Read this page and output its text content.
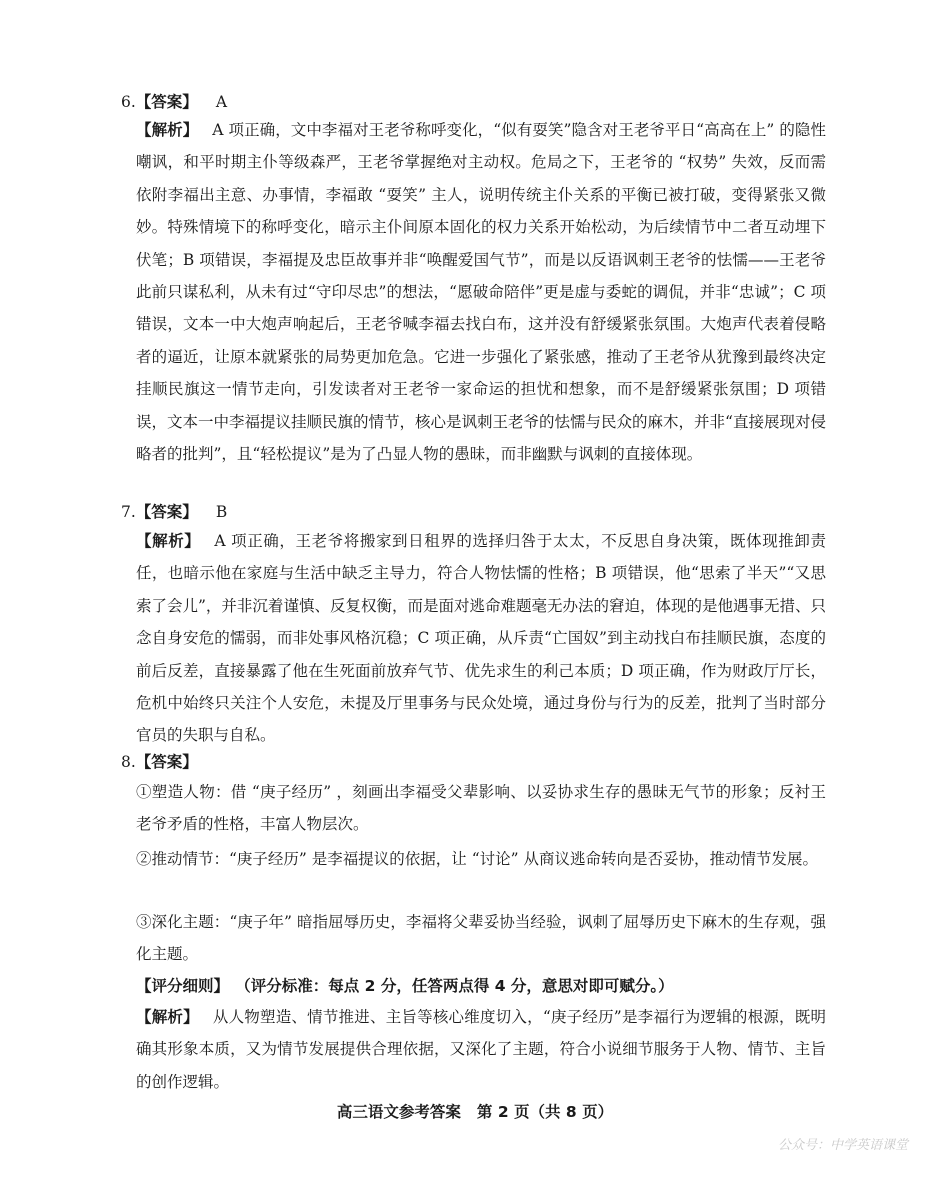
6.【答案】 A
【解析】 A 项正确，文中李福对王老爷称呼变化，“似有耍笑”隐含对王老爷平日“高高在上” 的隐性嘲讽，和平时期主仆等级森严，王老爷掌握绝对主动权。危局之下，王老爷的 “权势” 失效，反而需依附李福出主意、办事情，李福敢 “耍笑” 主人，说明传统主仆关系的平衡已被打破，变得紧张又微妙。特殊情境下的称呼变化，暗示主仆间原本固化的权力关系开始松动，为后续情节中二者互动埋下伏笔；B 项错误，李福提及忠臣故事并非“唤醒爱国气节”，而是以反语讽刺王老爷的怯懦——王老爷此前只谋私利，从未有过“守印尽忠”的想法，“愿破命陪伴”更是虚与委蛇的调侃，并非“忠诚”；C 项错误，文本一中大炮声响起后，王老爷喊李福去找白布，这并没有舒缓紧张氛围。大炮声代表着侵略者的逼近，让原本就紧张的局势更加危急。它进一步强化了紧张感，推动了王老爷从犹豫到最终决定挂顺民旗这一情节走向，引发读者对王老爷一家命运的担忧和想象，而不是舒缓紧张氛围；D 项错误，文本一中李福提议挂顺民旗的情节，核心是讽刺王老爷的怯懦与民众的麻木，并非“直接展现对侵略者的批判”，且“轻松提议”是为了凸显人物的愚昧，而非幽默与讽刺的直接体现。
7.【答案】 B
【解析】 A 项正确，王老爷将搬家到日租界的选择归咎于太太，不反思自身决策，既体现推卸责任，也暗示他在家庭与生活中缺乏主导力，符合人物怯懦的性格；B 项错误，他“思索了半天”“又思索了会儿”，并非沉着谨慎、反复权衡，而是面对逃命难题毫无办法的窘迫，体现的是他遇事无措、只念自身安危的懦弱，而非处事风格沉稳；C 项正确，从斥责“亡国奴”到主动找白布挂顺民旗，态度的前后反差，直接暴露了他在生死面前放弃气节、优先求生的利己本质；D 项正确，作为财政厅厅长，危机中始终只关注个人安危，未提及厅里事务与民众处境，通过身份与行为的反差，批判了当时部分官员的失职与自私。
8.【答案】
①塑造人物：借 “庚子经历” ，刻画出李福受父辈影响、以妥协求生存的愚昧无气节的形象；反衬王老爷矛盾的性格，丰富人物层次。
②推动情节：“庚子经历” 是李福提议的依据，让 “讨论” 从商议逃命转向是否妥协，推动情节发展。
③深化主题：“庚子年” 暗指屈辱历史，李福将父辈妥协当经验，讽刺了屈辱历史下麻木的生存观，强化主题。
【评分细则】 （评分标准：每点 2 分，任答两点得 4 分，意思对即可赋分。）
【解析】 从人物塑造、情节推进、主旨等核心维度切入，“庚子经历”是李福行为逻辑的根源，既明确其形象本质，又为情节发展提供合理依据，又深化了主题，符合小说细节服务于人物、情节、主旨的创作逻辑。
高三语文参考答案 第 2 页（共 8 页）
公众号：中学英语课堂
